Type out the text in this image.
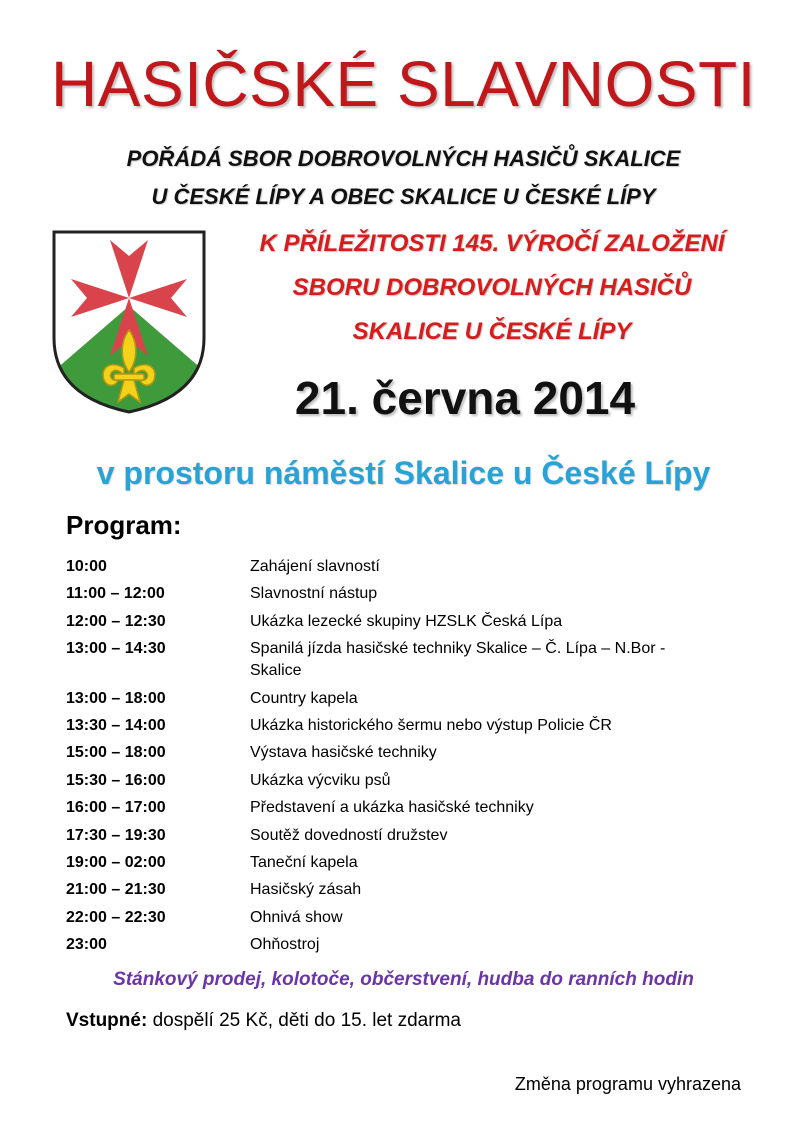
HASIČSKÉ SLAVNOSTI
POŘÁDÁ SBOR DOBROVOLNÝCH HASIČŮ SKALICE
U ČESKÉ LÍPY A OBEC SKALICE U ČESKÉ LÍPY
K PŘÍLEŽITOSTI 145. VÝROČÍ ZALOŽENÍ
SBORU DOBROVOLNÝCH HASIČŮ
SKALICE U ČESKÉ LÍPY
21. června 2014
v prostoru náměstí Skalice u České Lípy
Program:
10:00	Zahájení slavností
11:00 – 12:00	Slavnostní nástup
12:00 – 12:30	Ukázka lezecké skupiny HZSLK Česká Lípa
13:00 – 14:30	Spanilá jízda hasičské techniky Skalice – Č. Lípa – N.Bor - Skalice
13:00 – 18:00	Country kapela
13:30 – 14:00	Ukázka historického šermu nebo výstup Policie ČR
15:00 – 18:00	Výstava hasičské techniky
15:30 – 16:00	Ukázka výcviku psů
16:00 – 17:00	Představení a ukázka hasičské techniky
17:30 – 19:30	Soutěž dovedností družstev
19:00 – 02:00	Taneční kapela
21:00 – 21:30	Hasičský zásah
22:00 – 22:30	Ohnivá show
23:00	Ohňostroj
Stánkový prodej, kolotoče, občerstvení, hudba do ranních hodin
Vstupné: dospělí 25 Kč, děti do 15. let zdarma
Změna programu vyhrazena
